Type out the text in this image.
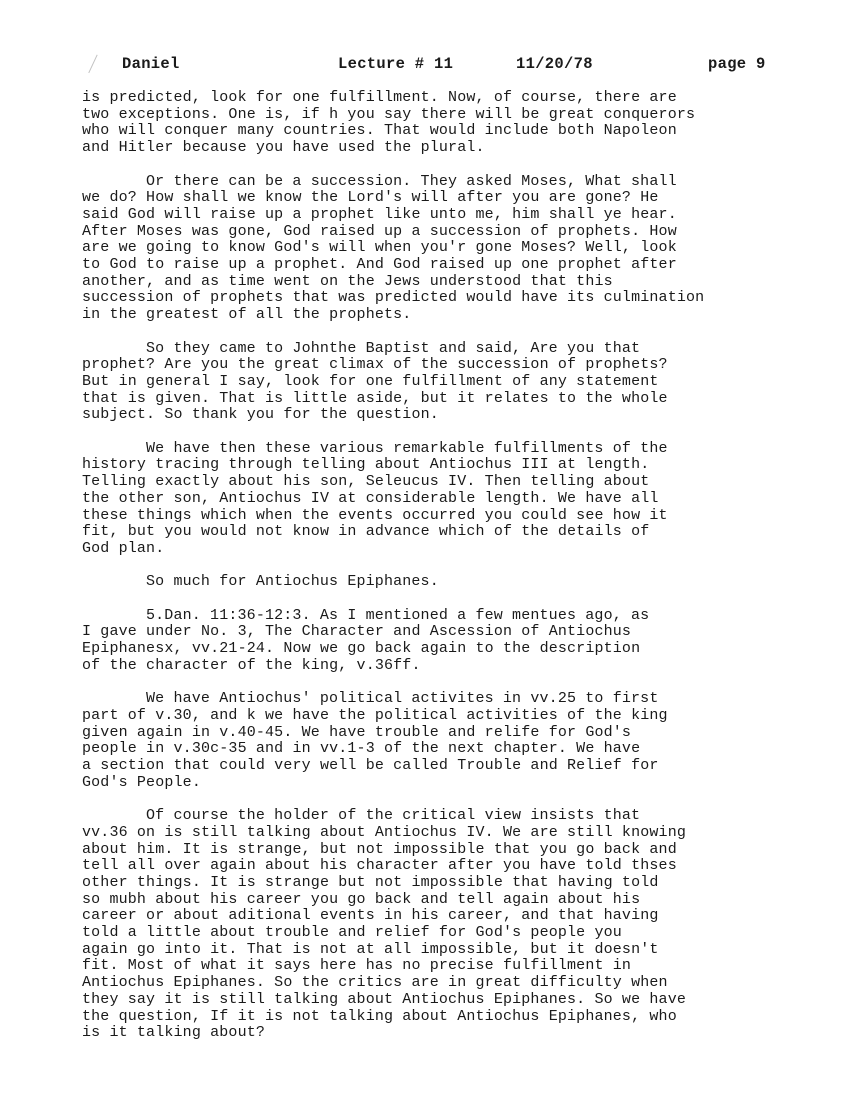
Daniel

	Lecture # 11

	11/20/78

	page 9

is predicted, look for one fulfillment. Now, of course, there are
two exceptions. One is, if h you say there will be great conquerors
who will conquer many countries. That would include both Napoleon
and Hitler because you have used the plural.

Or there can be a succession. They asked Moses, What shall
we do? How shall we know the Lord's will after you are gone? He
said God will raise up a prophet like unto me, him shall ye hear.
After Moses was gone, God raised up a succession of prophets. How
are we going to know God's will when you'r gone Moses? Well, look
to God to raise up a prophet. And God raised up one prophet after
another, and as time went on the Jews understood that this
succession of prophets that was predicted would have its culmination
in the greatest of all the prophets.

So they came to Johnthe Baptist and said, Are you that
prophet? Are you the great climax of the succession of prophets?
But in general I say, look for one fulfillment of any statement
that is given. That is little aside, but it relates to the whole
subject. So thank you for the question.

We have then these various remarkable fulfillments of the
history tracing through telling about Antiochus III at length.
Telling exactly about his son, Seleucus IV. Then telling about
the other son, Antiochus IV at considerable length. We have all
these things which when the events occurred you could see how it
fit, but you would not know in advance which of the details of
God plan.

So much for Antiochus Epiphanes.

5.Dan. 11:36-12:3. As I mentioned a few mentues ago, as
I gave under No. 3, The Character and Ascession of Antiochus
Epiphanesx, vv.21-24. Now we go back again to the description
of the character of the king, v.36ff.

We have Antiochus' political activites in vv.25 to first
part of v.30, and k we have the political activities of the king
given again in v.40-45. We have trouble and relife for God's
people in v.30c-35 and in vv.1-3 of the next chapter. We have
a section that could very well be called Trouble and Relief for
God's People.

Of course the holder of the critical view insists that
vv.36 on is still talking about Antiochus IV. We are still knowing
about him. It is strange, but not impossible that you go back and
tell all over again about his character after you have told thses
other things. It is strange but not impossible that having told
so mubh about his career you go back and tell again about his
career or about aditional events in his career, and that having
told a little about trouble and relief for God's people you
again go into it. That is not at all impossible, but it doesn't
fit. Most of what it says here has no precise fulfillment in
Antiochus Epiphanes. So the critics are in great difficulty when
they say it is still talking about Antiochus Epiphanes. So we have
the question, If it is not talking about Antiochus Epiphanes, who
is it talking about?
